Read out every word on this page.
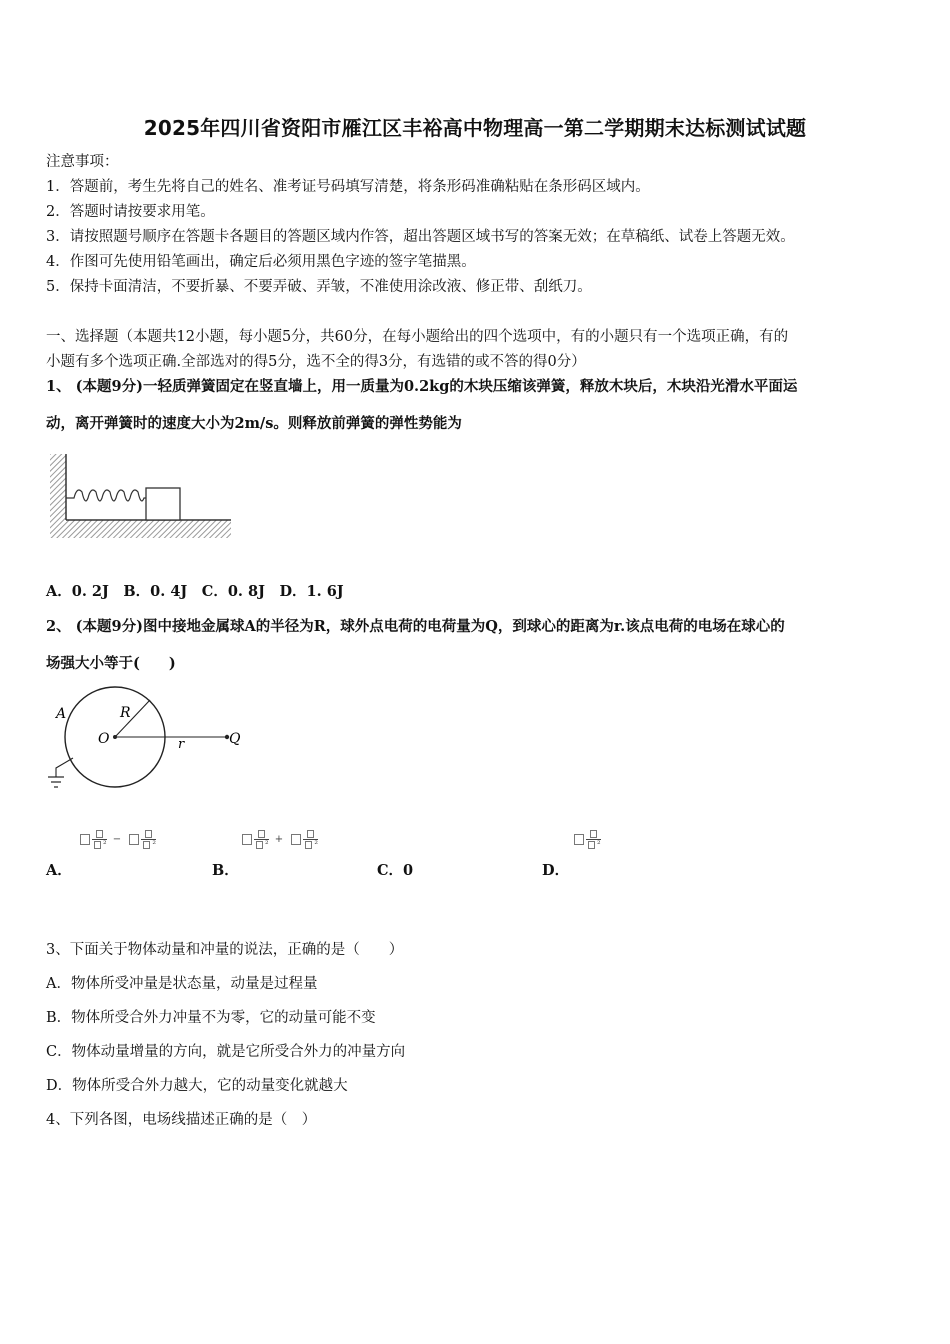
2025年四川省资阳市雁江区丰裕高中物理高一第二学期期末达标测试试题
注意事项：
1．答题前，考生先将自己的姓名、准考证号码填写清楚，将条形码准确粘贴在条形码区域内。
2．答题时请按要求用笔。
3．请按照题号顺序在答题卡各题目的答题区域内作答，超出答题区域书写的答案无效；在草稿纸、试卷上答题无效。
4．作图可先使用铅笔画出，确定后必须用黑色字迹的签字笔描黑。
5．保持卡面清洁，不要折暴、不要弄破、弄皱，不准使用涂改液、修正带、刮纸刀。
一、选择题（本题共12小题，每小题5分，共60分，在每小题给出的四个选项中，有的小题只有一个选项正确，有的
小题有多个选项正确.全部选对的得5分，选不全的得3分，有选错的或不答的得0分）
1、 (本题9分)一轻质弹簧固定在竖直墙上，用一质量为0.2kg的木块压缩该弹簧，释放木块后，木块沿光滑水平面运
动，离开弹簧时的速度大小为2m/s。则释放前弹簧的弹性势能为
A．0. 2J　B．0. 4J　C．0. 8J　D．1. 6J
2、 (本题9分)图中接地金属球A的半径为R，球外点电荷的电荷量为Q，到球心的距离为r.该点电荷的电场在球心的
场强大小等于(　　)
A	R
O	r	Q
² −	²	² +	²	²
A．	B．	C．0	D．
3、下面关于物体动量和冲量的说法，正确的是（　　）
A．物体所受冲量是状态量，动量是过程量
B．物体所受合外力冲量不为零，它的动量可能不变
C．物体动量增量的方向，就是它所受合外力的冲量方向
D．物体所受合外力越大，它的动量变化就越大
4、下列各图，电场线描述正确的是（　）
